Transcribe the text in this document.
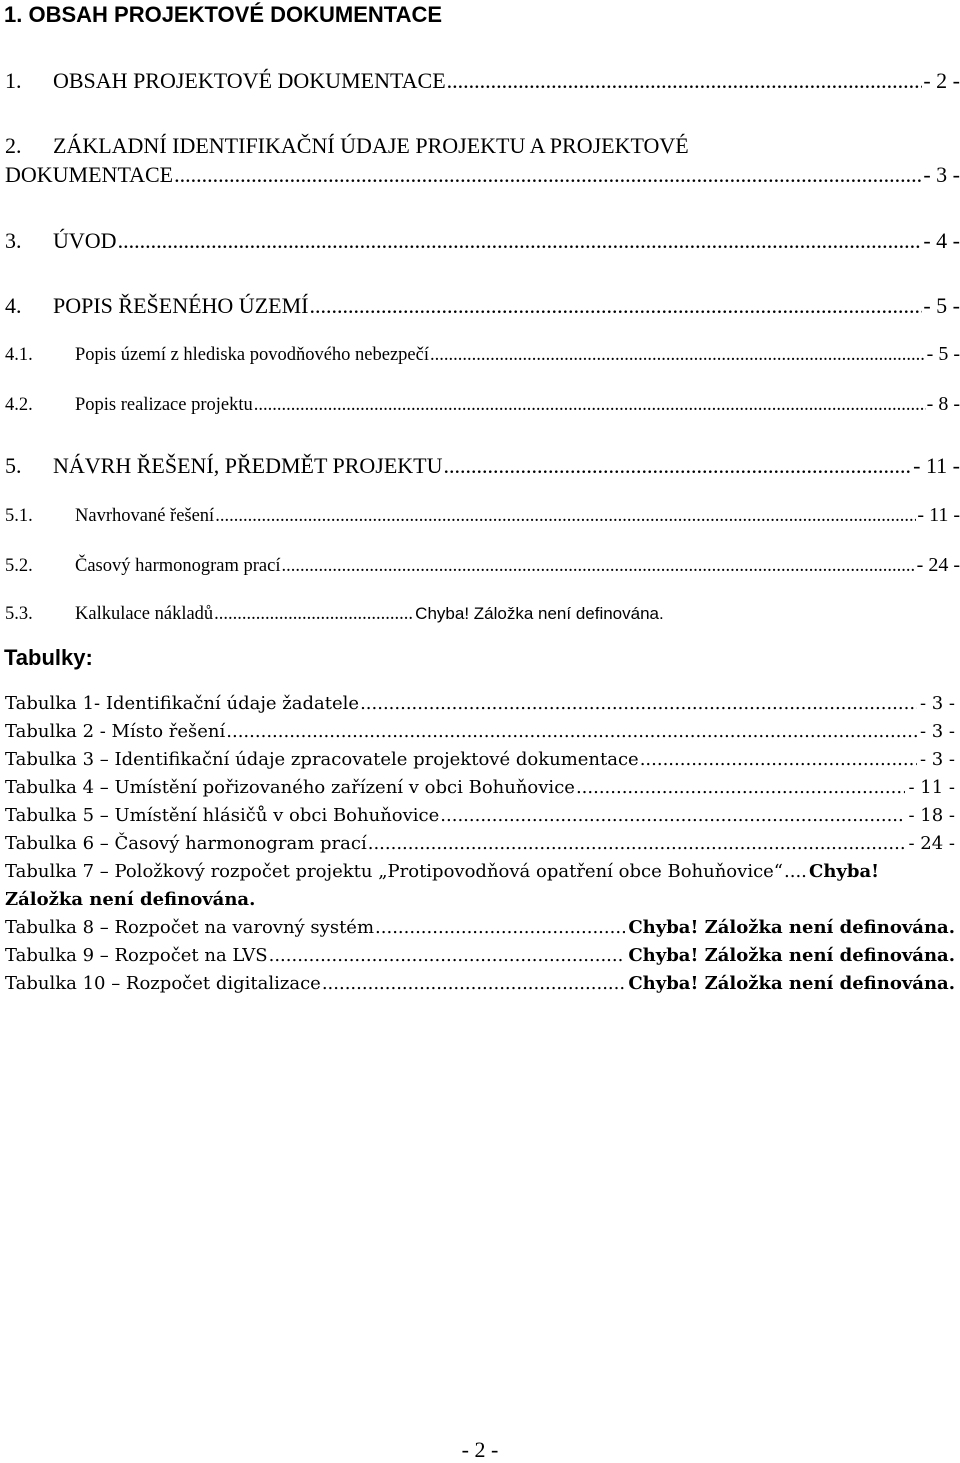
1. OBSAH PROJEKTOVÉ DOKUMENTACE
1.	OBSAH PROJEKTOVÉ DOKUMENTACE .....	- 2 -
2.	ZÁKLADNÍ IDENTIFIKAČNÍ ÚDAJE PROJEKTU A PROJEKTOVÉ
DOKUMENTACE .....	- 3 -
3.	ÚVOD .....	- 4 -
4.	POPIS ŘEŠENÉHO ÚZEMÍ .....	- 5 -
4.1.	Popis území z hlediska povodňového nebezpečí .....	- 5 -
4.2.	Popis realizace projektu .....	- 8 -
5.	NÁVRH ŘEŠENÍ, PŘEDMĚT PROJEKTU .....	- 11 -
5.1.	Navrhované řešení .....	- 11 -
5.2.	Časový harmonogram prací .....	- 24 -
5.3.	Kalkulace nákladů .....	Chyba! Záložka není definována.
Tabulky:
Tabulka 1- Identifikační údaje žadatele .....	- 3 -
Tabulka 2 - Místo řešení .....	- 3 -
Tabulka 3 – Identifikační údaje zpracovatele projektové dokumentace .....	- 3 -
Tabulka 4 – Umístění pořizovaného zařízení v obci Bohuňovice .....	- 11 -
Tabulka 5 – Umístění hlásičů v obci Bohuňovice .....	- 18 -
Tabulka 6 – Časový harmonogram prací .....	- 24 -
Tabulka 7 – Položkový rozpočet projektu „Protipovodňová opatření obce Bohuňovice“ ..... Chyba!
Záložka není definována.
Tabulka 8 – Rozpočet na varovný systém .....	Chyba! Záložka není definována.
Tabulka 9 – Rozpočet na LVS .....	Chyba! Záložka není definována.
Tabulka 10 – Rozpočet digitalizace .....	Chyba! Záložka není definována.
- 2 -
